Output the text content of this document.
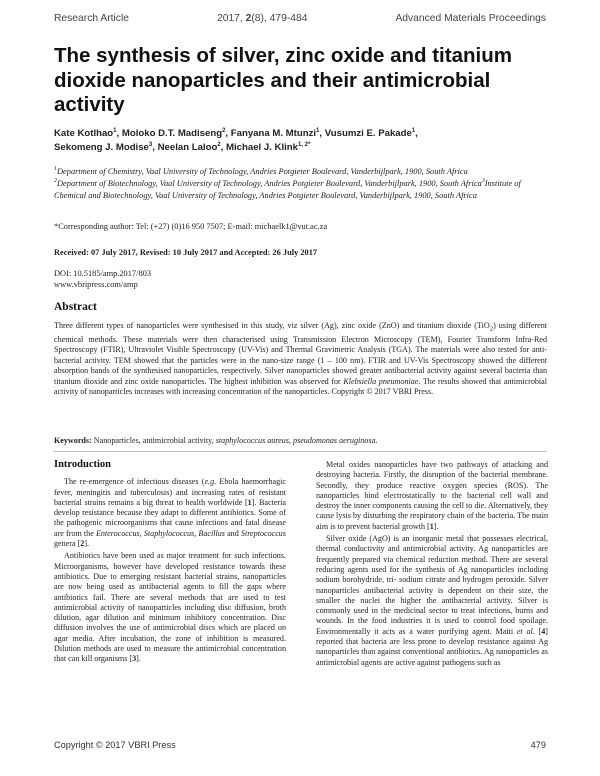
Research Article	2017, 2(8), 479-484	Advanced Materials Proceedings
The synthesis of silver, zinc oxide and titanium dioxide nanoparticles and their antimicrobial activity
Kate Kotlhao$^1$, Moloko D.T. Madiseng$^2$, Fanyana M. Mtunzi$^1$, Vusumzi E. Pakade$^1$,
Sekomeng J. Modise$^3$, Neelan Laloo$^2$, Michael J. Klink$^{1, 2*}$

$^1$Department of Chemistry, Vaal University of Technology, Andries Potgieter Boulevard, Vanderbijlpark, 1900, South Africa

$^2$Department of Biotechnology, Vaal University of Technology, Andries Potgieter Boulevard, Vanderbijlpark, 1900, South Africa$^3$Institute of Chemical and Biotechnology, Vaal University of Technology, Andries Potgieter Boulevard, Vanderbijlpark, 1900, South Africa

*Corresponding author: Tel: (+27) (0)16 950 7507; E-mail: michaelk1@vut.ac.za
Received: 07 July 2017, Revised: 10 July 2017 and Accepted: 26 July 2017
DOI: 10.5185/amp.2017/803
www.vbripress.com/amp
Abstract

Three different types of nanoparticles were synthesised in this study, viz silver (Ag), zinc oxide (ZnO) and titanium dioxide (TiO$_2$) using different chemical methods. These materials were then characterised using Transmission Electron Microscopy (TEM), Fourier Transform Infra-Red Spectroscopy (FTIR), Ultraviolet Visible Spectroscopy (UV-Vis) and Thermal Gravimetric Analysis (TGA). The materials were also tested for anti-bacterial activity. TEM showed that the particles were in the nano-size range (1 – 100 nm). FTIR and UV-Vis Spectroscopy showed the different absorption bands of the synthesised nanoparticles, respectively. Silver nanoparticles showed greater antibacterial activity against several bacteria than titanium dioxide and zinc oxide nanoparticles. The highest inhibition was observed for Klebsiella pneumoniae. The results showed that antimicrobial activity of nanoparticles increases with increasing concentration of the nanoparticles. Copyright © 2017 VBRI Press.

Keywords: Nanoparticles, antimicrobial activity, staphylococcus aureus, pseudomonas aeruginosa.
Introduction

The re-emergence of infectious diseases (e.g. Ebola haemorrhagic fever, meningitis and tuberculosis) and increasing rates of resistant bacterial strains remains a big threat to health worldwide [1]. Bacteria develop resistance because they adapt to different antibiotics. Some of the pathogenic microorganisms that cause infections and fatal disease are from the Enterococcus, Staphylococcus, Bacillus and Streptococcus genera [2].

Antibiotics have been used as major treatment for such infections. Microorganisms, however have developed resistance towards these antibiotics. Due to emerging resistant bacterial strains, nanoparticles are now being used as antibacterial agents to fill the gaps where antibiotics fail. There are several methods that are used to test antimicrobial activity of nanoparticles including disc diffusion, broth dilution, agar dilution and minimum inhibitory concentration. Disc diffusion involves the use of antimicrobial discs which are placed on agar media. After incubation, the zone of inhibition is measured. Dilution methods are used to measure the antimicrobial concentration that can kill organisms [3].

Metal oxides nanoparticles have two pathways of attacking and destroying bacteria. Firstly, the disruption of the bacterial membrane. Secondly, they produce reactive oxygen species (ROS). The nanoparticles bind electrostatically to the bacterial cell wall and destroy the inner components causing the cell to die. Alternatively, they cause lysis by disturbing the respiratory chain of the bacteria. The main aim is to prevent bacterial growth [1].

Silver oxide (AgO) is an inorganic metal that possesses electrical, thermal conductivity and antimicrobial activity. Ag nanoparticles are frequently prepared via chemical reduction method. There are several reducing agents used for the synthesis of Ag nanoparticles including sodium borohydride, tri- sodium citrate and hydrogen peroxide. Silver nanoparticles antibacterial activity is dependent on their size, the smaller the nuclei the higher the antibacterial activity. Silver is commonly used in the medicinal sector to treat infections, burns and wounds. In the food industries it is used to control food spoilage. Environmentally it acts as a water purifying agent. Maiti et al. [4] reported that bacteria are less prone to develop resistance against Ag nanoparticles than against conventional antibiotics. Ag nanoparticles as antimicrobial agents are active against pathogens such as

Copyright © 2017 VBRI Press	479
